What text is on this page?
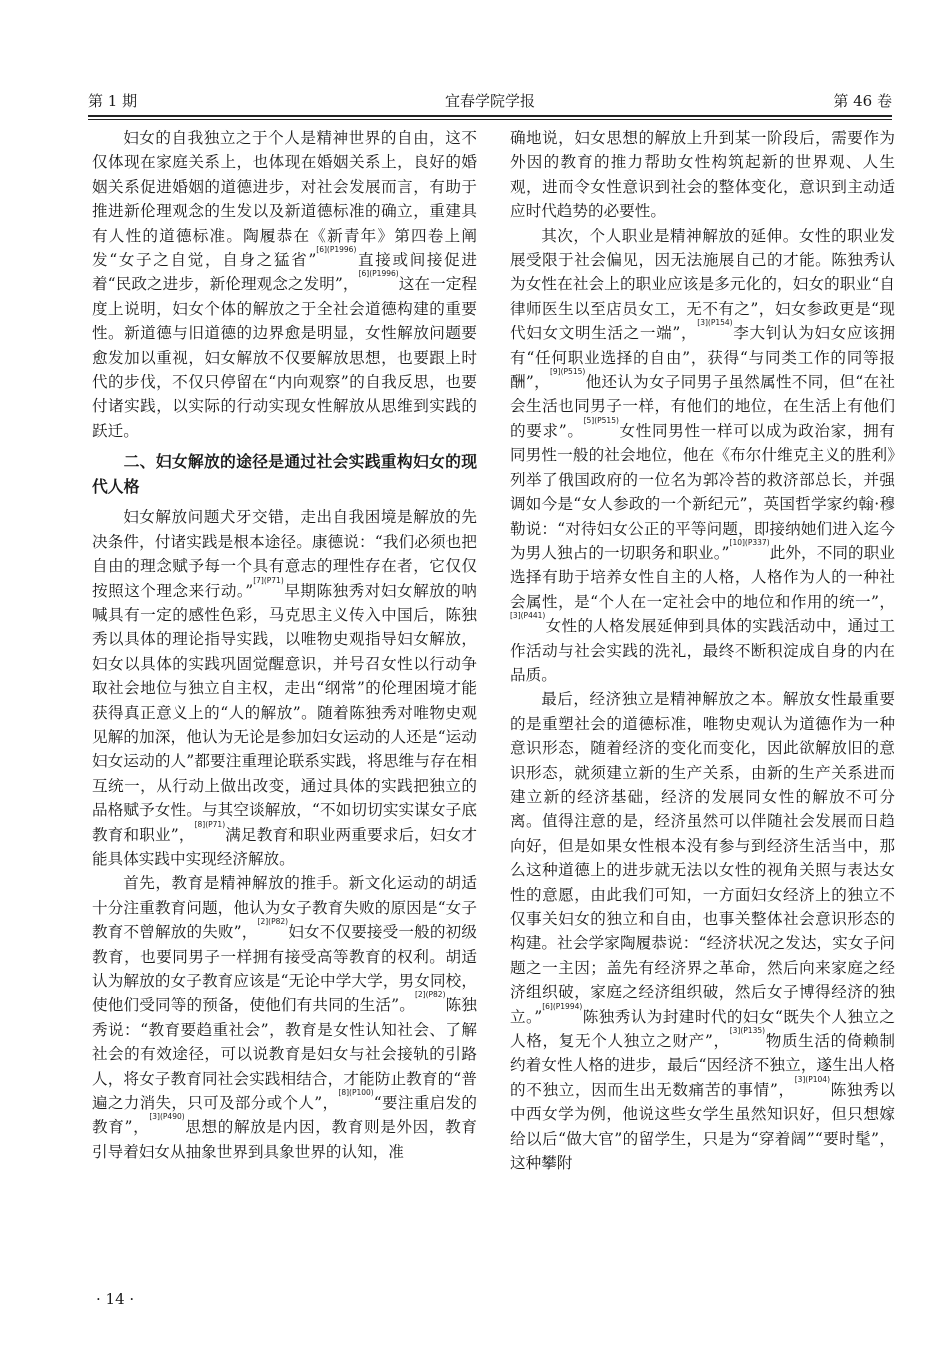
第 1 期	宜春学院学报	第 46 卷

妇女的自我独立之于个人是精神世界的自由，这不仅体现在家庭关系上，也体现在婚姻关系上，良好的婚姻关系促进婚姻的道德进步，对社会发展而言，有助于推进新伦理观念的生发以及新道德标准的确立，重建具有人性的道德标准。陶履恭在《新青年》第四卷上阐发“女子之自觉，自身之猛省”$^{[6](P1996)}$直接或间接促进着“民政之进步，新伦理观念之发明”，$^{[6](P1996)}$这在一定程度上说明，妇女个体的解放之于全社会道德构建的重要性。新道德与旧道德的边界愈是明显，女性解放问题要愈发加以重视，妇女解放不仅要解放思想，也要跟上时代的步伐，不仅只停留在“内向观察”的自我反思，也要付诸实践，以实际的行动实现女性解放从思维到实践的跃迁。

二、妇女解放的途径是通过社会实践重构妇女的现代人格

妇女解放问题犬牙交错，走出自我困境是解放的先决条件，付诸实践是根本途径。康德说：“我们必须也把自由的理念赋予每一个具有意志的理性存在者，它仅仅按照这个理念来行动。”$^{[7](P71)}$早期陈独秀对妇女解放的呐喊具有一定的感性色彩，马克思主义传入中国后，陈独秀以具体的理论指导实践，以唯物史观指导妇女解放，妇女以具体的实践巩固觉醒意识，并号召女性以行动争取社会地位与独立自主权，走出“纲常”的伦理困境才能获得真正意义上的“人的解放”。随着陈独秀对唯物史观见解的加深，他认为无论是参加妇女运动的人还是“运动妇女运动的人”都要注重理论联系实践，将思维与存在相互统一，从行动上做出改变，通过具体的实践把独立的品格赋予女性。与其空谈解放，“不如切切实实谋女子底教育和职业”，$^{[8](P71)}$满足教育和职业两重要求后，妇女才能具体实践中实现经济解放。

首先，教育是精神解放的推手。新文化运动的胡适十分注重教育问题，他认为女子教育失败的原因是“女子教育不曾解放的失败”，$^{[2](P82)}$妇女不仅要接受一般的初级教育，也要同男子一样拥有接受高等教育的权利。胡适认为解放的女子教育应该是“无论中学大学，男女同校，使他们受同等的预备，使他们有共同的生活”。$^{[2](P82)}$陈独秀说：“教育要趋重社会”，教育是女性认知社会、了解社会的有效途径，可以说教育是妇女与社会接轨的引路人，将女子教育同社会实践相结合，才能防止教育的“普遍之力消失，只可及部分或个人”，$^{[8](P100)}$“要注重启发的教育”，$^{[3](P490)}$思想的解放是内因，教育则是外因，教育引导着妇女从抽象世界到具象世界的认知，准

确地说，妇女思想的解放上升到某一阶段后，需要作为外因的教育的推力帮助女性构筑起新的世界观、人生观，进而令女性意识到社会的整体变化，意识到主动适应时代趋势的必要性。

其次，个人职业是精神解放的延伸。女性的职业发展受限于社会偏见，因无法施展自己的才能。陈独秀认为女性在社会上的职业应该是多元化的，妇女的职业“自律师医生以至店员女工，无不有之”，妇女参政更是“现代妇女文明生活之一端”，$^{[3](P154)}$李大钊认为妇女应该拥有“任何职业选择的自由”，获得“与同类工作的同等报酬”，$^{[9](P515)}$他还认为女子同男子虽然属性不同，但“在社会生活也同男子一样，有他们的地位，在生活上有他们的要求”。$^{[5](P515)}$女性同男性一样可以成为政治家，拥有同男性一般的社会地位，他在《布尔什维克主义的胜利》列举了俄国政府的一位名为郭冷苔的救济部总长，并强调如今是“女人参政的一个新纪元”，英国哲学家约翰·穆勒说：“对待妇女公正的平等问题，即接纳她们进入迄今为男人独占的一切职务和职业。”$^{[10](P337)}$此外，不同的职业选择有助于培养女性自主的人格，人格作为人的一种社会属性，是“个人在一定社会中的地位和作用的统一”，$^{[3](P441)}$女性的人格发展延伸到具体的实践活动中，通过工作活动与社会实践的洗礼，最终不断积淀成自身的内在品质。

最后，经济独立是精神解放之本。解放女性最重要的是重塑社会的道德标准，唯物史观认为道德作为一种意识形态，随着经济的变化而变化，因此欲解放旧的意识形态，就须建立新的生产关系，由新的生产关系进而建立新的经济基础，经济的发展同女性的解放不可分离。值得注意的是，经济虽然可以伴随社会发展而日趋向好，但是如果女性根本没有参与到经济生活当中，那么这种道德上的进步就无法以女性的视角关照与表达女性的意愿，由此我们可知，一方面妇女经济上的独立不仅事关妇女的独立和自由，也事关整体社会意识形态的构建。社会学家陶履恭说：“经济状况之发达，实女子问题之一主因；盖先有经济界之革命，然后向来家庭之经济组织破，家庭之经济组织破，然后女子博得经济的独立。”$^{[6](P1994)}$陈独秀认为封建时代的妇女“既失个人独立之人格，复无个人独立之财产”，$^{[3](P135)}$物质生活的倚赖制约着女性人格的进步，最后“因经济不独立，遂生出人格的不独立，因而生出无数痛苦的事情”，$^{[3](P104)}$陈独秀以中西女学为例，他说这些女学生虽然知识好，但只想嫁给以后“做大官”的留学生，只是为“穿着阔”“要时髦”，这种攀附

· 14 ·
